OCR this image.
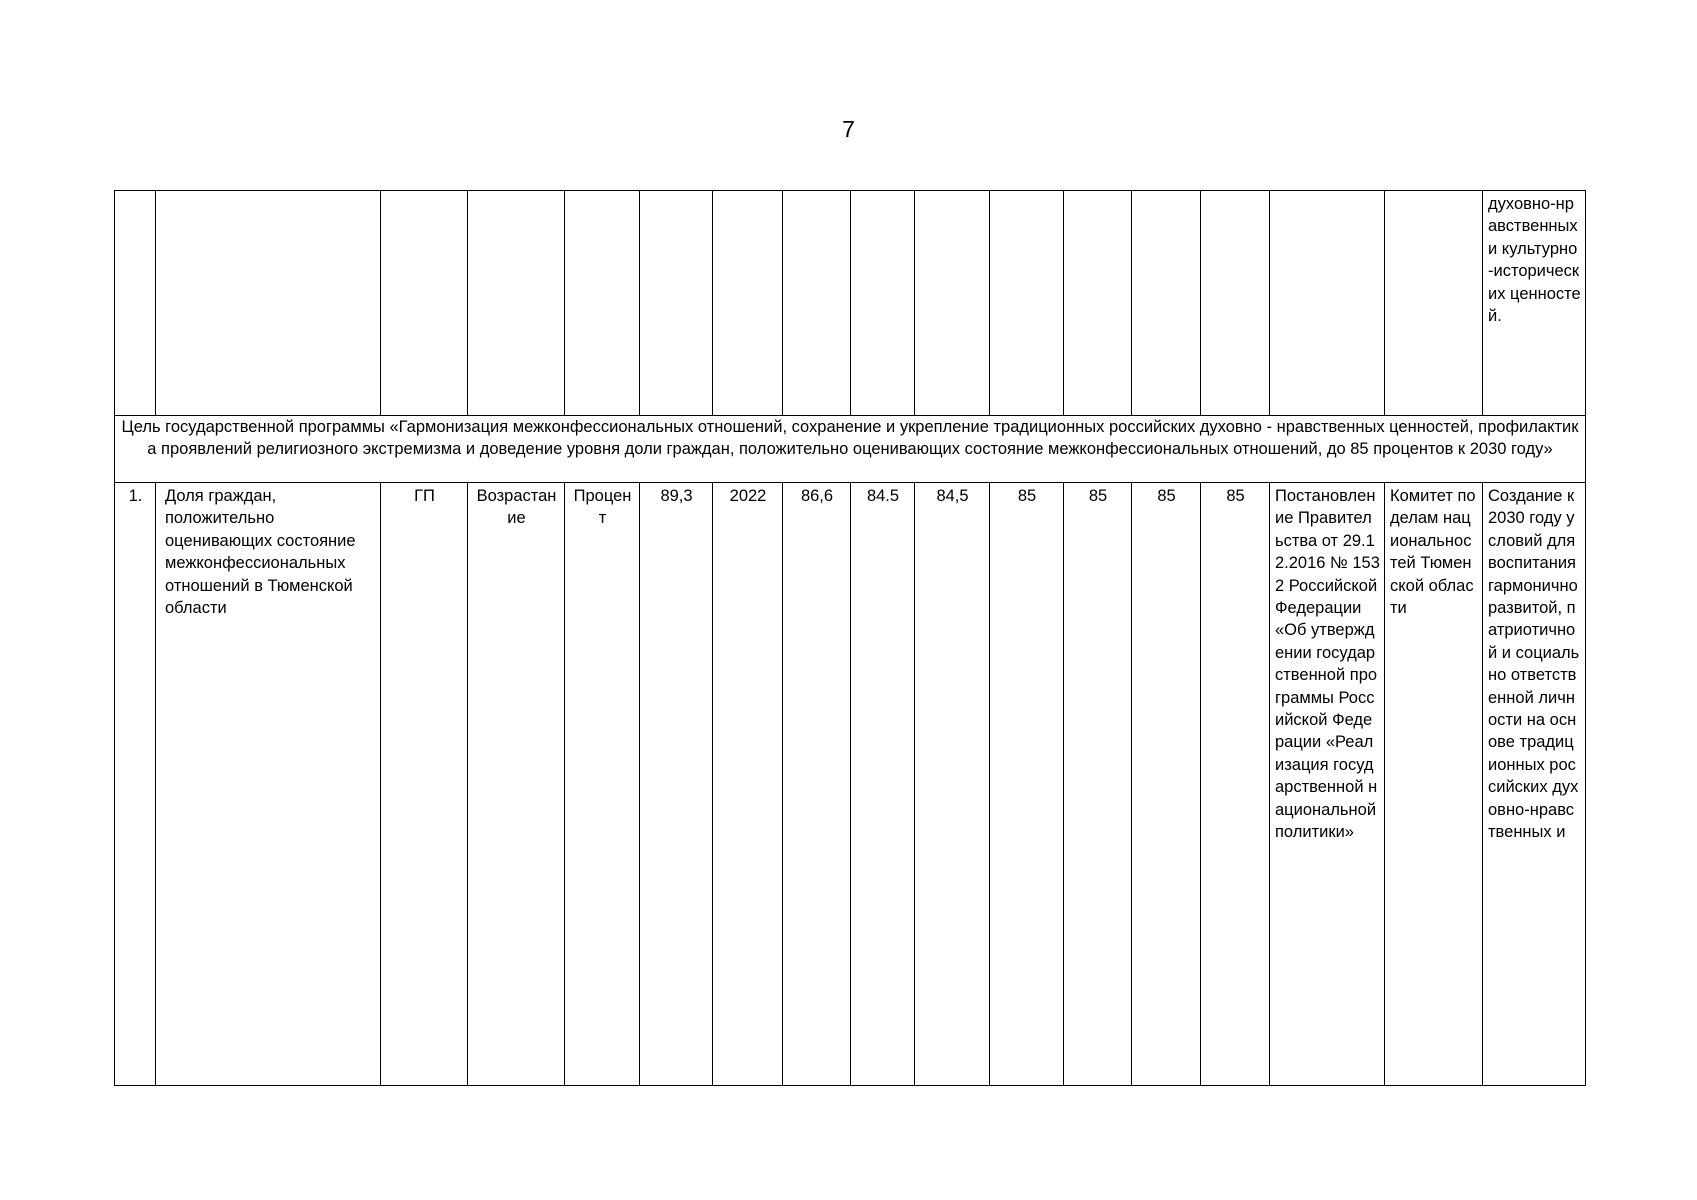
7
																духовно-нравственных и культурно-исторических ценностей.
Цель государственной программы «Гармонизация межконфессиональных отношений, сохранение и укрепление традиционных российских духовно - нравственных ценностей, профилактика проявлений религиозного экстремизма и доведение уровня доли граждан, положительно оценивающих состояние межконфессиональных отношений, до 85 процентов к 2030 году»																
1.	Доля граждан, положительно оценивающих состояние межконфессиональных отношений в Тюменской области	ГП	Возрастание	Процент	89,3	2022	86,6	84.5	84,5	85	85	85	85	Постановление Правительства от 29.12.2016 № 1532 Российской Федерации «Об утверждении государственной программы Российской Федерации «Реализация государственной национальной политики»	Комитет по делам национальностей Тюменской области	Создание к 2030 году условий для воспитания гармонично развитой, патриотичной и социально ответственной личности на основе традиционных российских духовно-нравственных и
